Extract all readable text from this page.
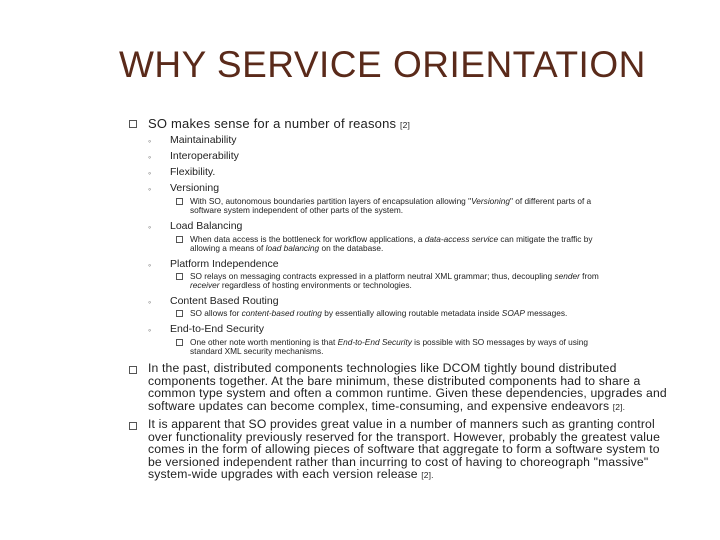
WHY SERVICE ORIENTATION
SO makes sense for a number of reasons [2]
◦ Maintainability
◦ Interoperability
◦ Flexibility.
◦ Versioning
With SO, autonomous boundaries partition layers of encapsulation allowing "Versioning" of different parts of a
software system independent of other parts of the system.
◦ Load Balancing
When data access is the bottleneck for workflow applications, a data-access service can mitigate the traffic by
allowing a means of load balancing on the database.
◦ Platform Independence
SO relays on messaging contracts expressed in a platform neutral XML grammar; thus, decoupling sender from
receiver regardless of hosting environments or technologies.
◦ Content Based Routing
SO allows for content-based routing by essentially allowing routable metadata inside SOAP messages.
◦ End-to-End Security
One other note worth mentioning is that End-to-End Security is possible with SO messages by ways of using
standard XML security mechanisms.
In the past, distributed components technologies like DCOM tightly bound distributed
components together. At the bare minimum, these distributed components had to share a
common type system and often a common runtime. Given these dependencies, upgrades and
software updates can become complex, time-consuming, and expensive endeavors [2].
It is apparent that SO provides great value in a number of manners such as granting control
over functionality previously reserved for the transport. However, probably the greatest value
comes in the form of allowing pieces of software that aggregate to form a software system to
be versioned independent rather than incurring to cost of having to choreograph "massive"
system-wide upgrades with each version release [2].
